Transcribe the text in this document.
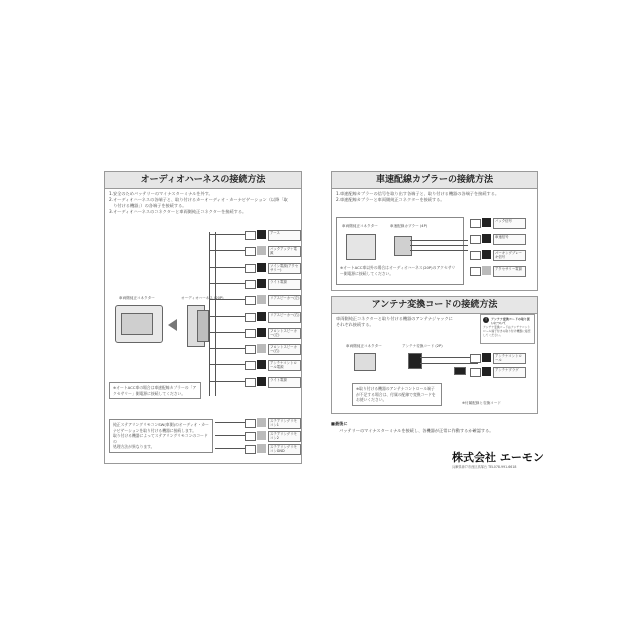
オーディオハーネスの接続方法
1.安全のためバッテリーのマイナスターミナルを外す。
2.オーディオハーネスの各端子と、取り付けるカーオーディオ・カーナビゲーション（以降「取
　り付ける機器」）の各端子を接続する。
3.オーディオハーネスのコネクターと車両側純正コネクターを接続する。
車両側純正コネクター	オーディオハーネス (20P)
※オートACC車の場合は車速配線カプラーの「アクセサリー」側電源に接続してください。
純正ステアリングリモコンSW(車側)のオーディオ・カー
ナビゲーションを取り付ける機器に接続します。
取り付ける機器によってステアリングリモコンのコードの
処理方法が異なります。
アース
バックアップ＋電源
ソイン電源(アクセサリー)
ライト電源
リアスピーカー(左)
リアスピーカー(右)
フロントスピーカー(左)
フロントスピーカー(右)
アンテナコントロール電源
ライト電源
ステアリングリモコン1
ステアリングリモコン2
ステアリングリモコンGND
車速配線カプラーの接続方法
1.車速配線カプラーの信号を取り出す各端子と、取り付ける機器の各端子を接続する。
2.車速配線カプラーと車両側純正コネクターを接続する。
車両側純正コネクター	車速配線カプラー (4P)
※オートACC車以外の場合はオーディオハーネス(20P)のアクセサリー側電源に接続してください。
バック信号
車速信号
パーキングブレーキ信号
アクセサリー電源
アンテナ変換コードの接続方法
車両側純正コネクターと取り付ける機器のアンテナジャックに
それぞれ接続する。
!	アンテナ変換コードの取り扱いについて
アンテナ変換コードはアンテナコントロール端子付きの取り付け機器に接続してください。
車両側純正コネクター	アンテナ変換コード (2P)
※取り付ける機器のアンテナコントロール端子が不足する場合は、付属の配線で変換コードをお使いください。
※付属配線と変換コード
アンテナコントロール
アンテナプラグ
■最後に
バッテリーのマイナスターミナルを接続し、各機器が正常に作動するか確認する。
株式会社 エーモン
兵庫県神戸市西区高塚台 TEL078-991-6618
